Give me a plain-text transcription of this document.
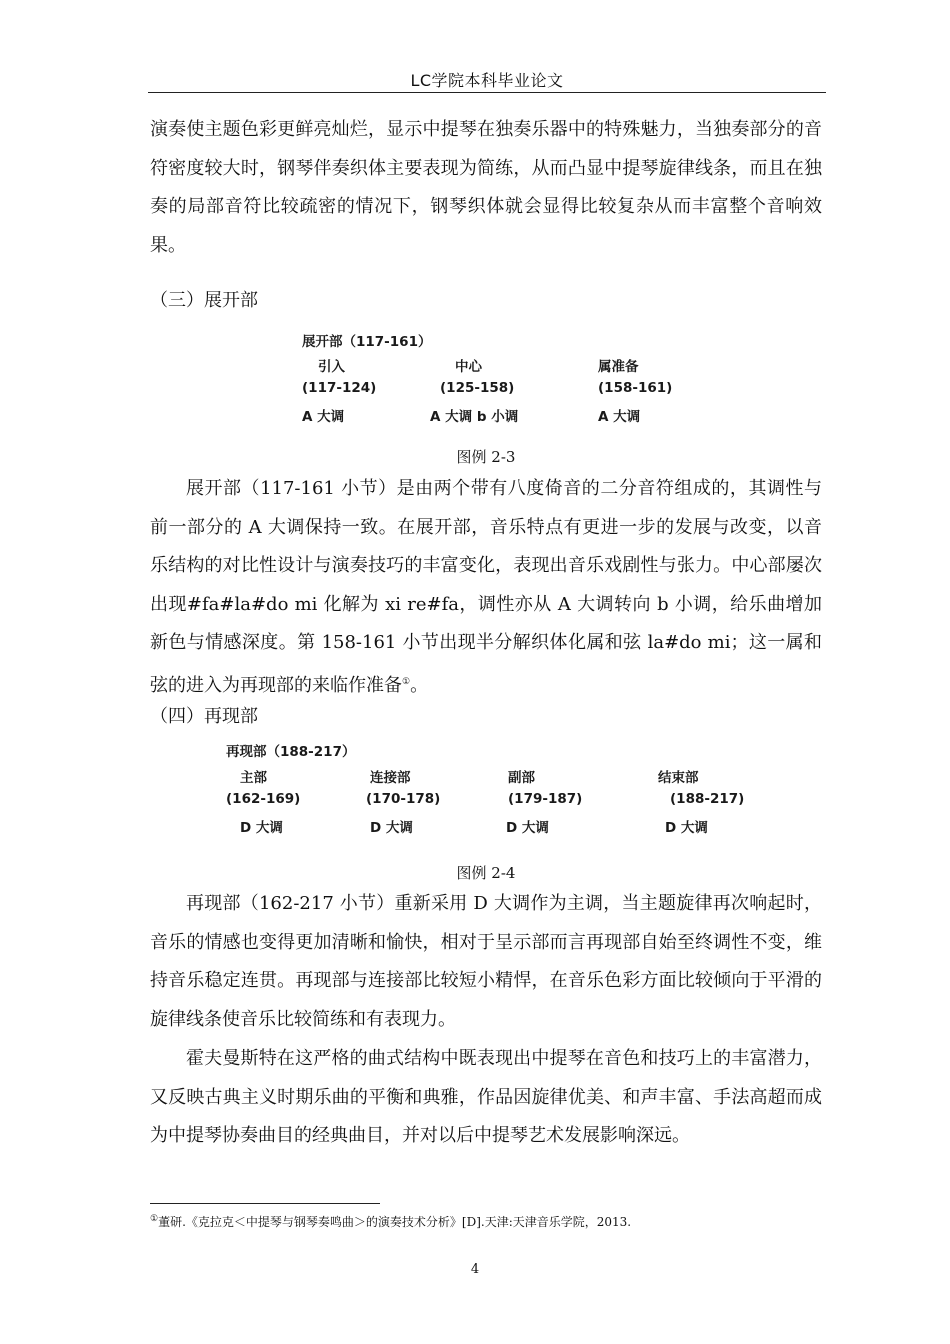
LC学院本科毕业论文

演奏使主题色彩更鲜亮灿烂，显示中提琴在独奏乐器中的特殊魅力，当独奏部分的音符密度较大时，钢琴伴奏织体主要表现为简练，从而凸显中提琴旋律线条，而且在独奏的局部音符比较疏密的情况下，钢琴织体就会显得比较复杂从而丰富整个音响效果。

（三）展开部
展开部（117-161）
引入
(117-124)
A 大调
中心
(125-158)
A 大调 b 小调
属准备
(158-161)
A 大调
图例 2-3

展开部（117-161 小节）是由两个带有八度倚音的二分音符组成的，其调性与前一部分的 A 大调保持一致。在展开部，音乐特点有更进一步的发展与改变，以音乐结构的对比性设计与演奏技巧的丰富变化，表现出音乐戏剧性与张力。中心部屡次出现#fa#la#do mi 化解为 xi re#fa，调性亦从 A 大调转向 b 小调，给乐曲增加新色与情感深度。第 158-161 小节出现半分解织体化属和弦 la#do mi；这一属和弦的进入为再现部的来临作准备①。

（四）再现部
再现部（188-217）
主部
(162-169)
D 大调
连接部
(170-178)
D 大调
副部
(179-187)
D 大调
结束部
(188-217)
D 大调
图例 2-4

再现部（162-217 小节）重新采用 D 大调作为主调，当主题旋律再次响起时，音乐的情感也变得更加清晰和愉快，相对于呈示部而言再现部自始至终调性不变，维持音乐稳定连贯。再现部与连接部比较短小精悍，在音乐色彩方面比较倾向于平滑的旋律线条使音乐比较简练和有表现力。

霍夫曼斯特在这严格的曲式结构中既表现出中提琴在音色和技巧上的丰富潜力，又反映古典主义时期乐曲的平衡和典雅，作品因旋律优美、和声丰富、手法高超而成为中提琴协奏曲目的经典曲目，并对以后中提琴艺术发展影响深远。

①董研.《克拉克＜中提琴与钢琴奏鸣曲＞的演奏技术分析》[D].天津:天津音乐学院，2013.
4
